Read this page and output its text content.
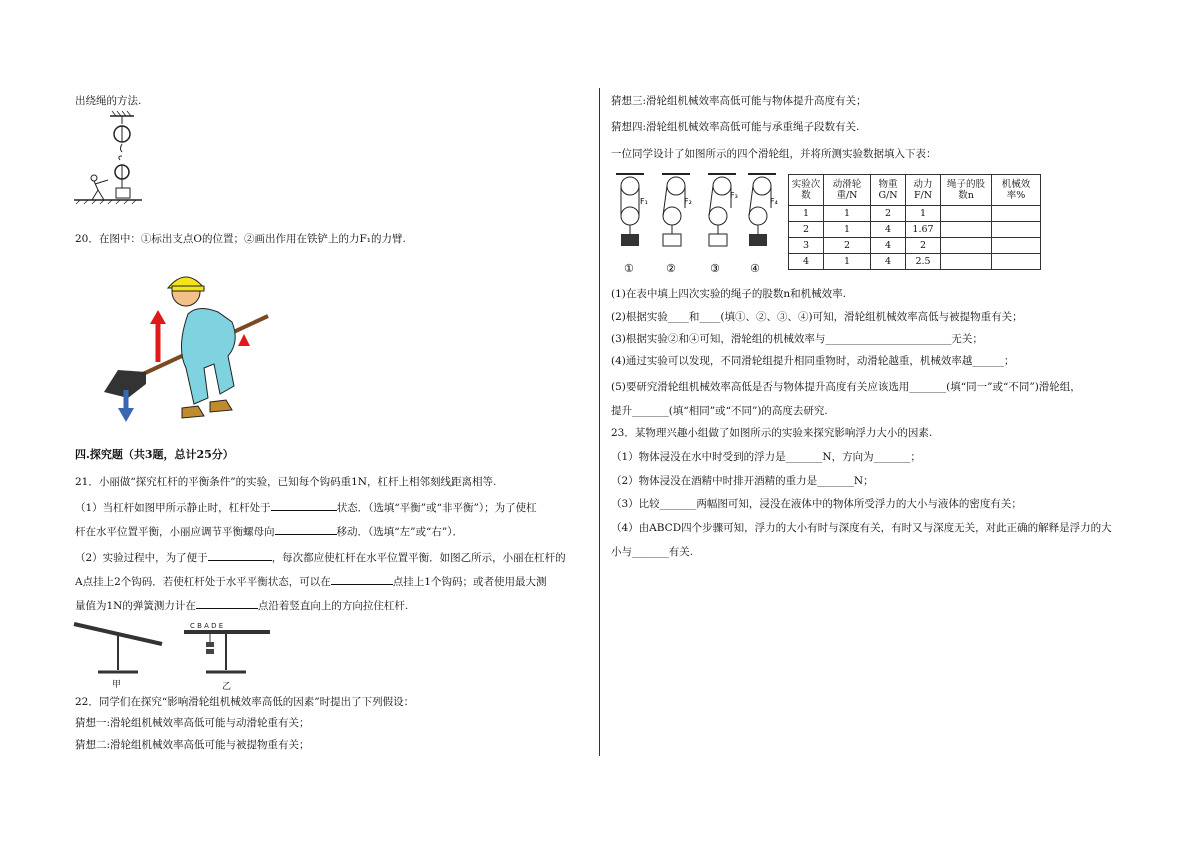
出绕绳的方法.
20．在图中：①标出支点O的位置；②画出作用在铁铲上的力F₁的力臂.
四.探究题（共3题，总计25分）
21．小丽做“探究杠杆的平衡条件”的实验，已知每个钩码重1N，杠杆上相邻刻线距离相等.
（1）当杠杆如图甲所示静止时，杠杆处于	状态．（选填“平衡”或“非平衡”）；为了使杠
杆在水平位置平衡，小丽应调节平衡螺母向	移动．（选填“左”或“右”）．
（2）实验过程中，为了便于	，每次都应使杠杆在水平位置平衡．如图乙所示，小丽在杠杆的
A点挂上2个钩码．若使杠杆处于水平平衡状态，可以在	点挂上1个钩码；或者使用最大测
量值为1N的弹簧测力计在	点沿着竖直向上的方向拉住杠杆.
C B A D E
甲	乙
22．同学们在探究“影响滑轮组机械效率高低的因素”时提出了下列假设：
猜想一:滑轮组机械效率高低可能与动滑轮重有关；
猜想二:滑轮组机械效率高低可能与被提物重有关；
猜想三:滑轮组机械效率高低可能与物体提升高度有关；
猜想四:滑轮组机械效率高低可能与承重绳子段数有关.
一位同学设计了如图所示的四个滑轮组，并将所测实验数据填入下表：
F₁	F₂
F₃
F₄
①	②	③	④
实验次数	动滑轮重/N	物重G/N	动力F/N	绳子的股数n	机械效率%
1	1	2	1		
2	1	4	1.67		
3	2	4	2		
4	1	4	2.5		
(1)在表中填上四次实验的绳子的股数n和机械效率.
(2)根据实验____和____(填①、②、③、④)可知，滑轮组机械效率高低与被提物重有关；
(3)根据实验②和④可知，滑轮组的机械效率与________________________无关；
(4)通过实验可以发现，不同滑轮组提升相同重物时，动滑轮越重，机械效率越______；
(5)要研究滑轮组机械效率高低是否与物体提升高度有关应该选用_______(填“同一”或“不同”)滑轮组，
提升_______(填“相同”或“不同”)的高度去研究.
23．某物理兴趣小组做了如图所示的实验来探究影响浮力大小的因素.
（1）物体浸没在水中时受到的浮力是_______N，方向为_______；
（2）物体浸没在酒精中时排开酒精的重力是_______N；
（3）比较_______两幅图可知，浸没在液体中的物体所受浮力的大小与液体的密度有关；
（4）由ABCD四个步骤可知，浮力的大小有时与深度有关，有时又与深度无关，对此正确的解释是浮力的大
小与_______有关.
